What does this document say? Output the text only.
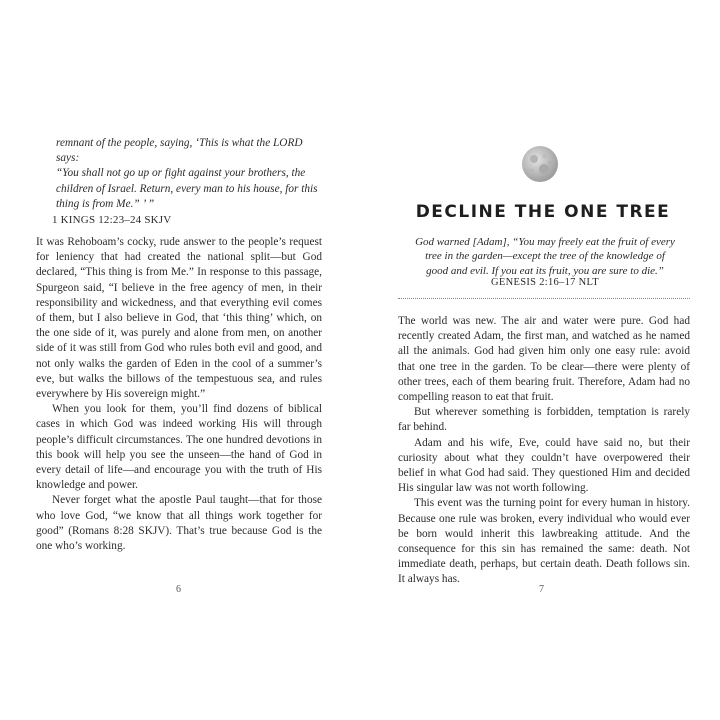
remnant of the people, saying, ‘This is what the LORD says:
“You shall not go up or fight against your brothers, the
children of Israel. Return, every man to his house, for this
thing is from Me.” ’ ”
1 KINGS 12:23–24 SKJV

It was Rehoboam’s cocky, rude answer to the people’s request for leniency that had created the national split—but God declared, “This thing is from Me.” In response to this passage, Spurgeon said, “I believe in the free agency of men, in their responsibility and wickedness, and that everything evil comes of them, but I also believe in God, that ‘this thing’ which, on the one side of it, was purely and alone from men, on another side of it was still from God who rules both evil and good, and not only walks the garden of Eden in the cool of a summer’s eve, but walks the billows of the tempestuous sea, and rules everywhere by His sovereign might.”

When you look for them, you’ll find dozens of biblical cases in which God was indeed working His will through people’s difficult circumstances. The one hundred devotions in this book will help you see the unseen—the hand of God in every detail of life—and encourage you with the truth of His knowledge and power.

Never forget what the apostle Paul taught—that for those who love God, “we know that all things work together for good” (Romans 8:28 SKJV). That’s true because God is the one who’s working.

6
DECLINE THE ONE TREE
God warned [Adam], “You may freely eat the fruit of every
tree in the garden—except the tree of the knowledge of
good and evil. If you eat its fruit, you are sure to die.”
GENESIS 2:16–17 NLT

The world was new. The air and water were pure. God had recently created Adam, the first man, and watched as he named all the animals. God had given him only one easy rule: avoid that one tree in the garden. To be clear—there were plenty of other trees, each of them bearing fruit. Therefore, Adam had no compelling reason to eat that fruit.

But wherever something is forbidden, temptation is rarely far behind.

Adam and his wife, Eve, could have said no, but their curiosity about what they couldn’t have overpowered their belief in what God had said. They questioned Him and decided His singular law was not worth following.

This event was the turning point for every human in history. Because one rule was broken, every individual who would ever be born would inherit this lawbreaking attitude. And the consequence for this sin has remained the same: death. Not immediate death, perhaps, but certain death. Death follows sin. It always has.

7
